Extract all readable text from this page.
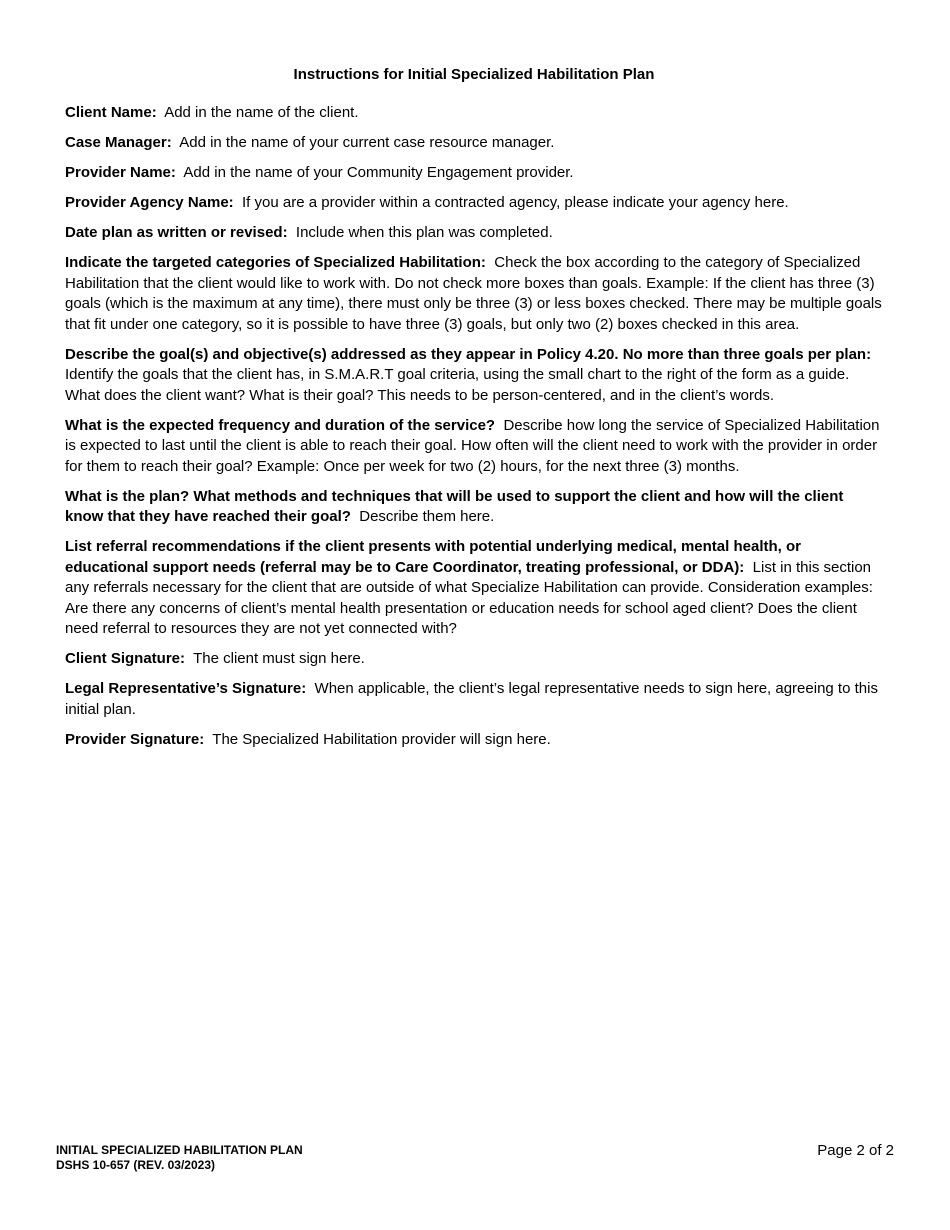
Instructions for Initial Specialized Habilitation Plan

Client Name: Add in the name of the client.

Case Manager: Add in the name of your current case resource manager.

Provider Name: Add in the name of your Community Engagement provider.

Provider Agency Name: If you are a provider within a contracted agency, please indicate your agency here.

Date plan as written or revised: Include when this plan was completed.

Indicate the targeted categories of Specialized Habilitation: Check the box according to the category of Specialized Habilitation that the client would like to work with. Do not check more boxes than goals. Example: If the client has three (3) goals (which is the maximum at any time), there must only be three (3) or less boxes checked. There may be multiple goals that fit under one category, so it is possible to have three (3) goals, but only two (2) boxes checked in this area.

Describe the goal(s) and objective(s) addressed as they appear in Policy 4.20. No more than three goals per plan:  Identify the goals that the client has, in S.M.A.R.T goal criteria, using the small chart to the right of the form as a guide. What does the client want? What is their goal? This needs to be person-centered, and in the client’s words.

What is the expected frequency and duration of the service? Describe how long the service of Specialized Habilitation is expected to last until the client is able to reach their goal. How often will the client need to work with the provider in order for them to reach their goal? Example: Once per week for two (2) hours, for the next three (3) months.

What is the plan? What methods and techniques that will be used to support the client and how will the client know that they have reached their goal? Describe them here.

List referral recommendations if the client presents with potential underlying medical, mental health, or educational support needs (referral may be to Care Coordinator, treating professional, or DDA): List in this section any referrals necessary for the client that are outside of what Specialize Habilitation can provide. Consideration examples: Are there any concerns of client’s mental health presentation or education needs for school aged client? Does the client need referral to resources they are not yet connected with?

Client Signature: The client must sign here.

Legal Representative’s Signature: When applicable, the client’s legal representative needs to sign here, agreeing to this initial plan.

Provider Signature: The Specialized Habilitation provider will sign here.

INITIAL SPECIALIZED HABILITATION PLAN
DSHS 10-657 (REV. 03/2023)
Page 2 of 2
